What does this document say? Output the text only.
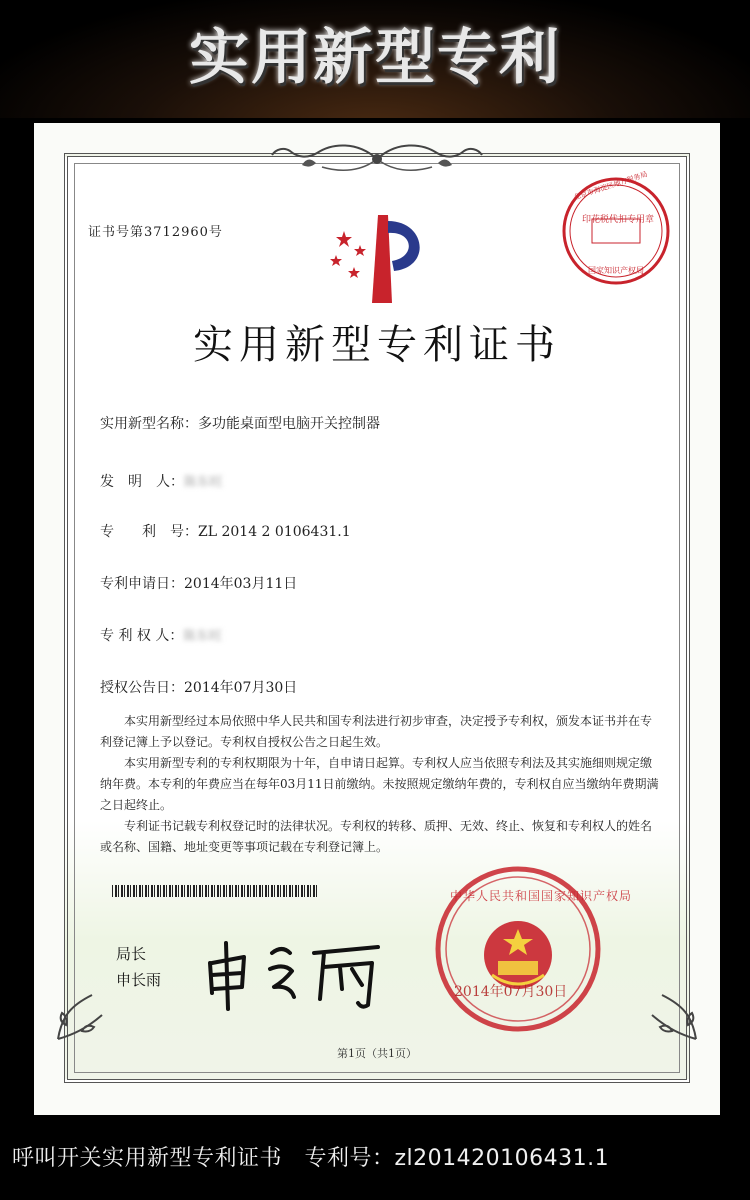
实用新型专利
印花税代扣专用章
北京市海淀区地方税务局
国家知识产权局
证书号第3712960号
实用新型专利证书
实用新型名称：多功能桌面型电脑开关控制器
发　明　人：陈东旺
专　　利　号：ZL 2014 2 0106431.1
专利申请日：2014年03月11日
专 利 权 人：陈东旺
授权公告日：2014年07月30日

本实用新型经过本局依照中华人民共和国专利法进行初步审查，决定授予专利权，颁发本证书并在专利登记簿上予以登记。专利权自授权公告之日起生效。

本实用新型专利的专利权期限为十年，自申请日起算。专利权人应当依照专利法及其实施细则规定缴纳年费。本专利的年费应当在每年03月11日前缴纳。未按照规定缴纳年费的，专利权自应当缴纳年费期满之日起终止。

专利证书记载专利权登记时的法律状况。专利权的转移、质押、无效、终止、恢复和专利权人的姓名或名称、国籍、地址变更等事项记载在专利登记簿上。

局长
申长雨
中华人民共和国国家知识产权局
2014年07月30日
第1页（共1页）
呼叫开关实用新型专利证书　专利号：zl201420106431.1
